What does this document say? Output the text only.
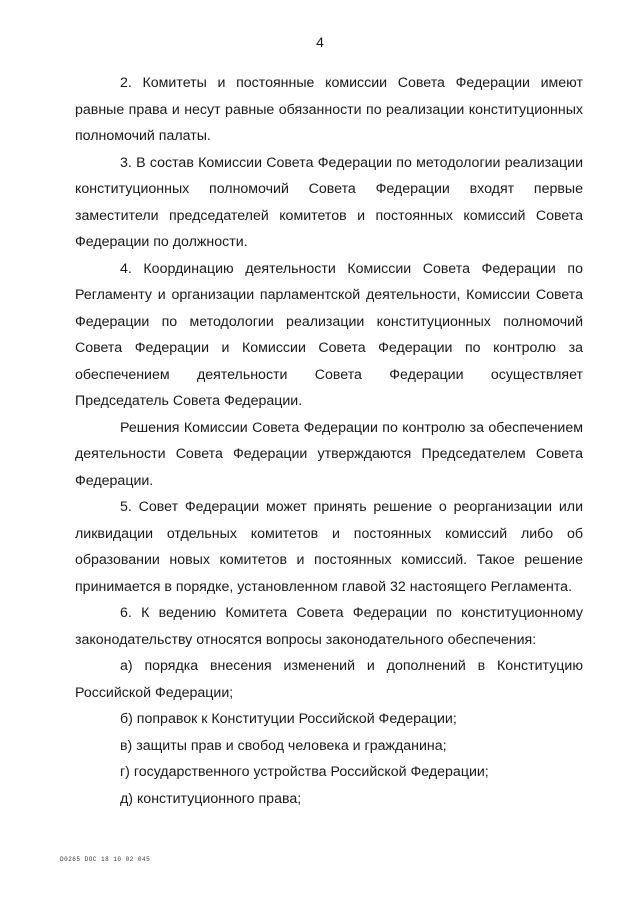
4

2. Комитеты и постоянные комиссии Совета Федерации имеют равные права и несут равные обязанности по реализации конституционных полномочий палаты.

3. В состав Комиссии Совета Федерации по методологии реализации конституционных полномочий Совета Федерации входят первые заместители председателей комитетов и постоянных комиссий Совета Федерации по должности.

4. Координацию деятельности Комиссии Совета Федерации по Регламенту и организации парламентской деятельности, Комиссии Совета Федерации по методологии реализации конституционных полномочий Совета Федерации и Комиссии Совета Федерации по контролю за обеспечением деятельности Совета Федерации осуществляет Председатель Совета Федерации.

Решения Комиссии Совета Федерации по контролю за обеспечением деятельности Совета Федерации утверждаются Председателем Совета Федерации.

5. Совет Федерации может принять решение о реорганизации или ликвидации отдельных комитетов и постоянных комиссий либо об образовании новых комитетов и постоянных комиссий. Такое решение принимается в порядке, установленном главой 32 настоящего Регламента.

6. К ведению Комитета Совета Федерации по конституционному законодательству относятся вопросы законодательного обеспечения:

а) порядка внесения изменений и дополнений в Конституцию Российской Федерации;

б) поправок к Конституции Российской Федерации;

в) защиты прав и свобод человека и гражданина;

г) государственного устройства Российской Федерации;

д) конституционного права;

D0265 DOC 18 10 02 045
